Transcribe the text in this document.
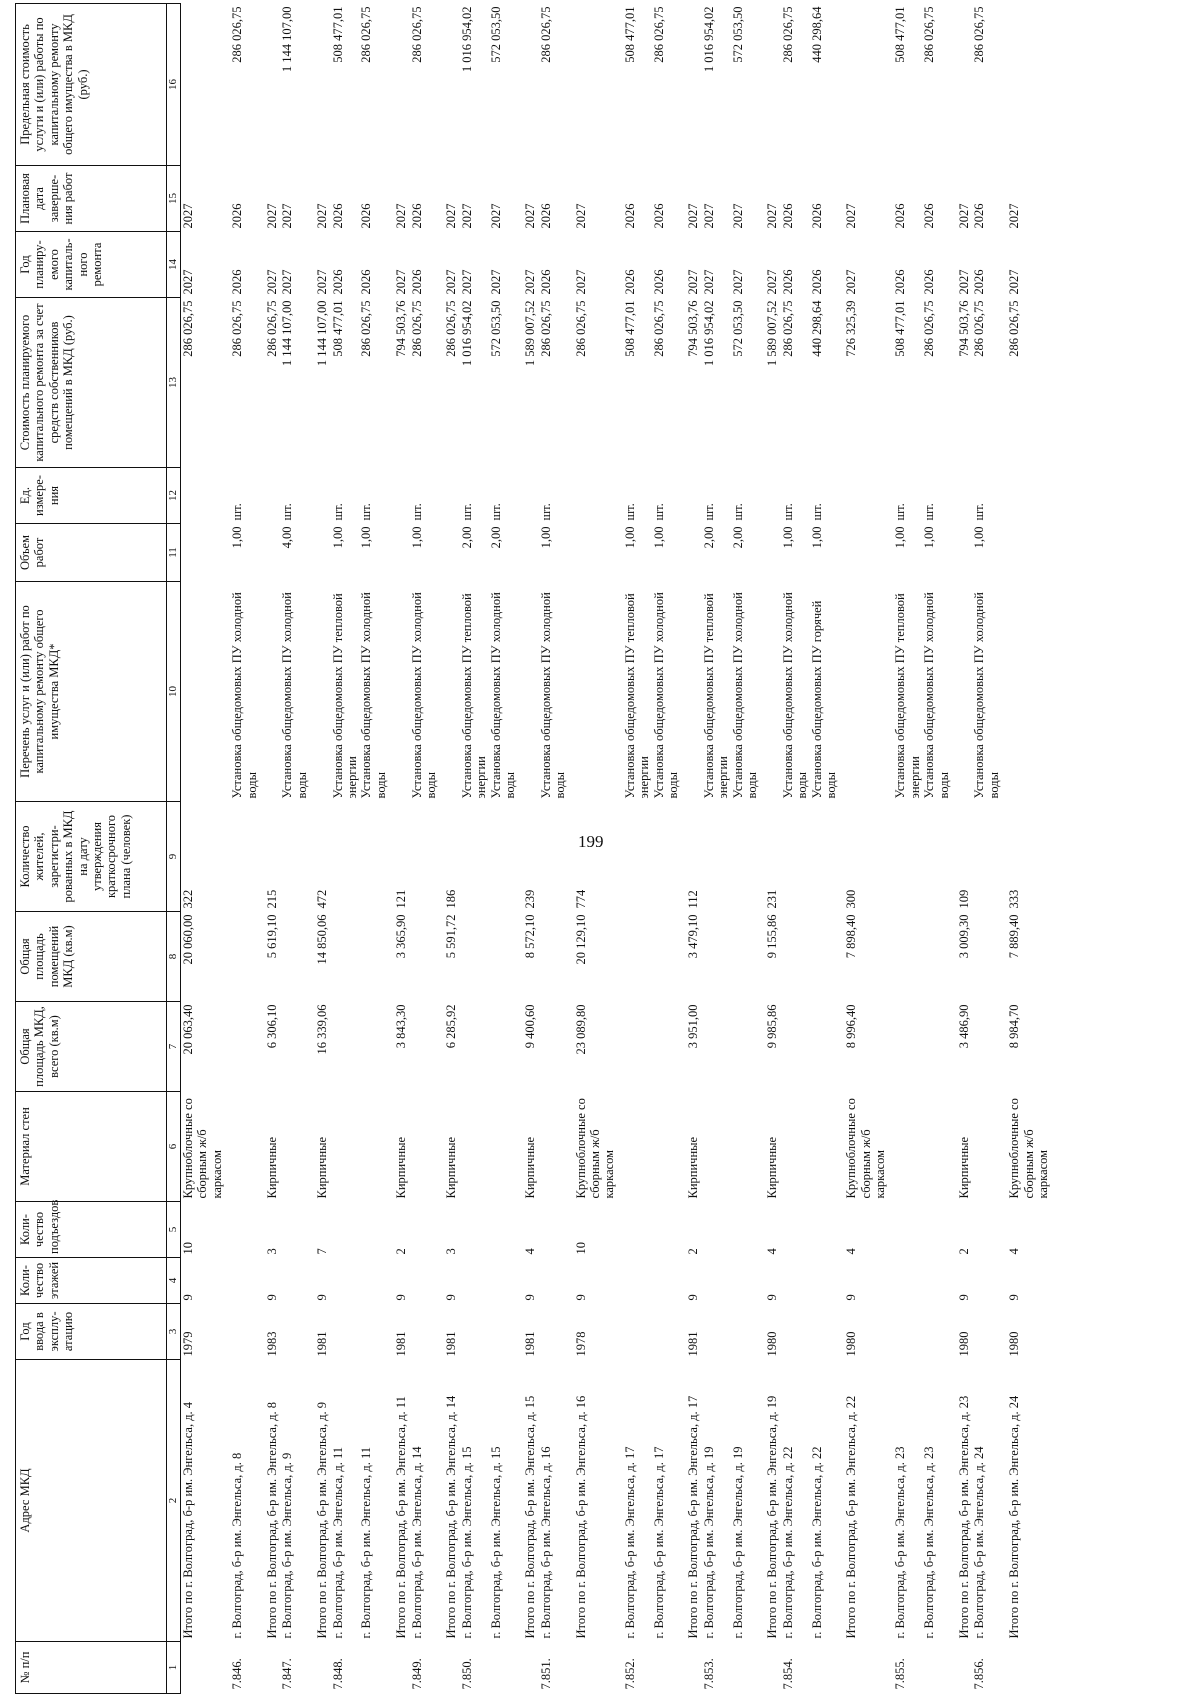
199
№ п/п	Адрес МКД	Год ввода в эксплу-атацию	Коли-чество этажей	Коли-чество подъездов	Материал стен	Общая площадь МКД, всего (кв.м)	Общая площадь помещений МКД (кв.м)	Количество жителей, зарегистри-рованных в МКД на дату утверждения краткосрочного плана (человек)	Перечень услуг и (или) работ по капитальному ремонту общего имущества МКД*	Объем работ	Ед. измере-ния	Стоимость планируемого капитального ремонта за счет средств собственников помещений в МКД (руб.)	Год планиру-емого капиталь-ного ремонта	Плановая дата заверше-ния работ	Предельная стоимость услуги и (или) работы по капитальному ремонту общего имущества в МКД (руб.)
1	2	3	4	5	6	7	8	9	10	11	12	13	14	15	16
	Итого по г. Волгоград, б-р им. Энгельса, д. 4	1979	9	10	Крупноблочные со сборным ж/б каркасом	20 063,40	20 060,00	322				286 026,75	2027	2027	
7.846.	г. Волгоград, б-р им. Энгельса, д. 8								Установка общедомовых ПУ холодной воды	1,00	шт.	286 026,75	2026	2026	286 026,75
	Итого по г. Волгоград, б-р им. Энгельса, д. 8	1983	9	3	Кирпичные	6 306,10	5 619,10	215				286 026,75	2027	2027	
7.847.	г. Волгоград, б-р им. Энгельса, д. 9								Установка общедомовых ПУ холодной воды	4,00	шт.	1 144 107,00	2027	2027	1 144 107,00
	Итого по г. Волгоград, б-р им. Энгельса, д. 9	1981	9	7	Кирпичные	16 339,06	14 850,06	472				1 144 107,00	2027	2027	
7.848.	г. Волгоград, б-р им. Энгельса, д. 11								Установка общедомовых ПУ тепловой энергии	1,00	шт.	508 477,01	2026	2026	508 477,01
	г. Волгоград, б-р им. Энгельса, д. 11								Установка общедомовых ПУ холодной воды	1,00	шт.	286 026,75	2026	2026	286 026,75
	Итого по г. Волгоград, б-р им. Энгельса, д. 11	1981	9	2	Кирпичные	3 843,30	3 365,90	121				794 503,76	2027	2027	
7.849.	г. Волгоград, б-р им. Энгельса, д. 14								Установка общедомовых ПУ холодной воды	1,00	шт.	286 026,75	2026	2026	286 026,75
	Итого по г. Волгоград, б-р им. Энгельса, д. 14	1981	9	3	Кирпичные	6 285,92	5 591,72	186				286 026,75	2027	2027	
7.850.	г. Волгоград, б-р им. Энгельса, д. 15								Установка общедомовых ПУ тепловой энергии	2,00	шт.	1 016 954,02	2027	2027	1 016 954,02
	г. Волгоград, б-р им. Энгельса, д. 15								Установка общедомовых ПУ холодной воды	2,00	шт.	572 053,50	2027	2027	572 053,50
	Итого по г. Волгоград, б-р им. Энгельса, д. 15	1981	9	4	Кирпичные	9 400,60	8 572,10	239				1 589 007,52	2027	2027	
7.851.	г. Волгоград, б-р им. Энгельса, д. 16								Установка общедомовых ПУ холодной воды	1,00	шт.	286 026,75	2026	2026	286 026,75
	Итого по г. Волгоград, б-р им. Энгельса, д. 16	1978	9	10	Крупноблочные со сборным ж/б каркасом	23 089,80	20 129,10	774				286 026,75	2027	2027	
7.852.	г. Волгоград, б-р им. Энгельса, д. 17								Установка общедомовых ПУ тепловой энергии	1,00	шт.	508 477,01	2026	2026	508 477,01
	г. Волгоград, б-р им. Энгельса, д. 17								Установка общедомовых ПУ холодной воды	1,00	шт.	286 026,75	2026	2026	286 026,75
	Итого по г. Волгоград, б-р им. Энгельса, д. 17	1981	9	2	Кирпичные	3 951,00	3 479,10	112				794 503,76	2027	2027	
7.853.	г. Волгоград, б-р им. Энгельса, д. 19								Установка общедомовых ПУ тепловой энергии	2,00	шт.	1 016 954,02	2027	2027	1 016 954,02
	г. Волгоград, б-р им. Энгельса, д. 19								Установка общедомовых ПУ холодной воды	2,00	шт.	572 053,50	2027	2027	572 053,50
	Итого по г. Волгоград, б-р им. Энгельса, д. 19	1980	9	4	Кирпичные	9 985,86	9 155,86	231				1 589 007,52	2027	2027	
7.854.	г. Волгоград, б-р им. Энгельса, д. 22								Установка общедомовых ПУ холодной воды	1,00	шт.	286 026,75	2026	2026	286 026,75
	г. Волгоград, б-р им. Энгельса, д. 22								Установка общедомовых ПУ горячей воды	1,00	шт.	440 298,64	2026	2026	440 298,64
	Итого по г. Волгоград, б-р им. Энгельса, д. 22	1980	9	4	Крупноблочные со сборным ж/б каркасом	8 996,40	7 898,40	300				726 325,39	2027	2027	
7.855.	г. Волгоград, б-р им. Энгельса, д. 23								Установка общедомовых ПУ тепловой энергии	1,00	шт.	508 477,01	2026	2026	508 477,01
	г. Волгоград, б-р им. Энгельса, д. 23								Установка общедомовых ПУ холодной воды	1,00	шт.	286 026,75	2026	2026	286 026,75
	Итого по г. Волгоград, б-р им. Энгельса, д. 23	1980	9	2	Кирпичные	3 486,90	3 009,30	109				794 503,76	2027	2027	
7.856.	г. Волгоград, б-р им. Энгельса, д. 24								Установка общедомовых ПУ холодной воды	1,00	шт.	286 026,75	2026	2026	286 026,75
	Итого по г. Волгоград, б-р им. Энгельса, д. 24	1980	9	4	Крупноблочные со сборным ж/б каркасом	8 984,70	7 889,40	333				286 026,75	2027	2027	
